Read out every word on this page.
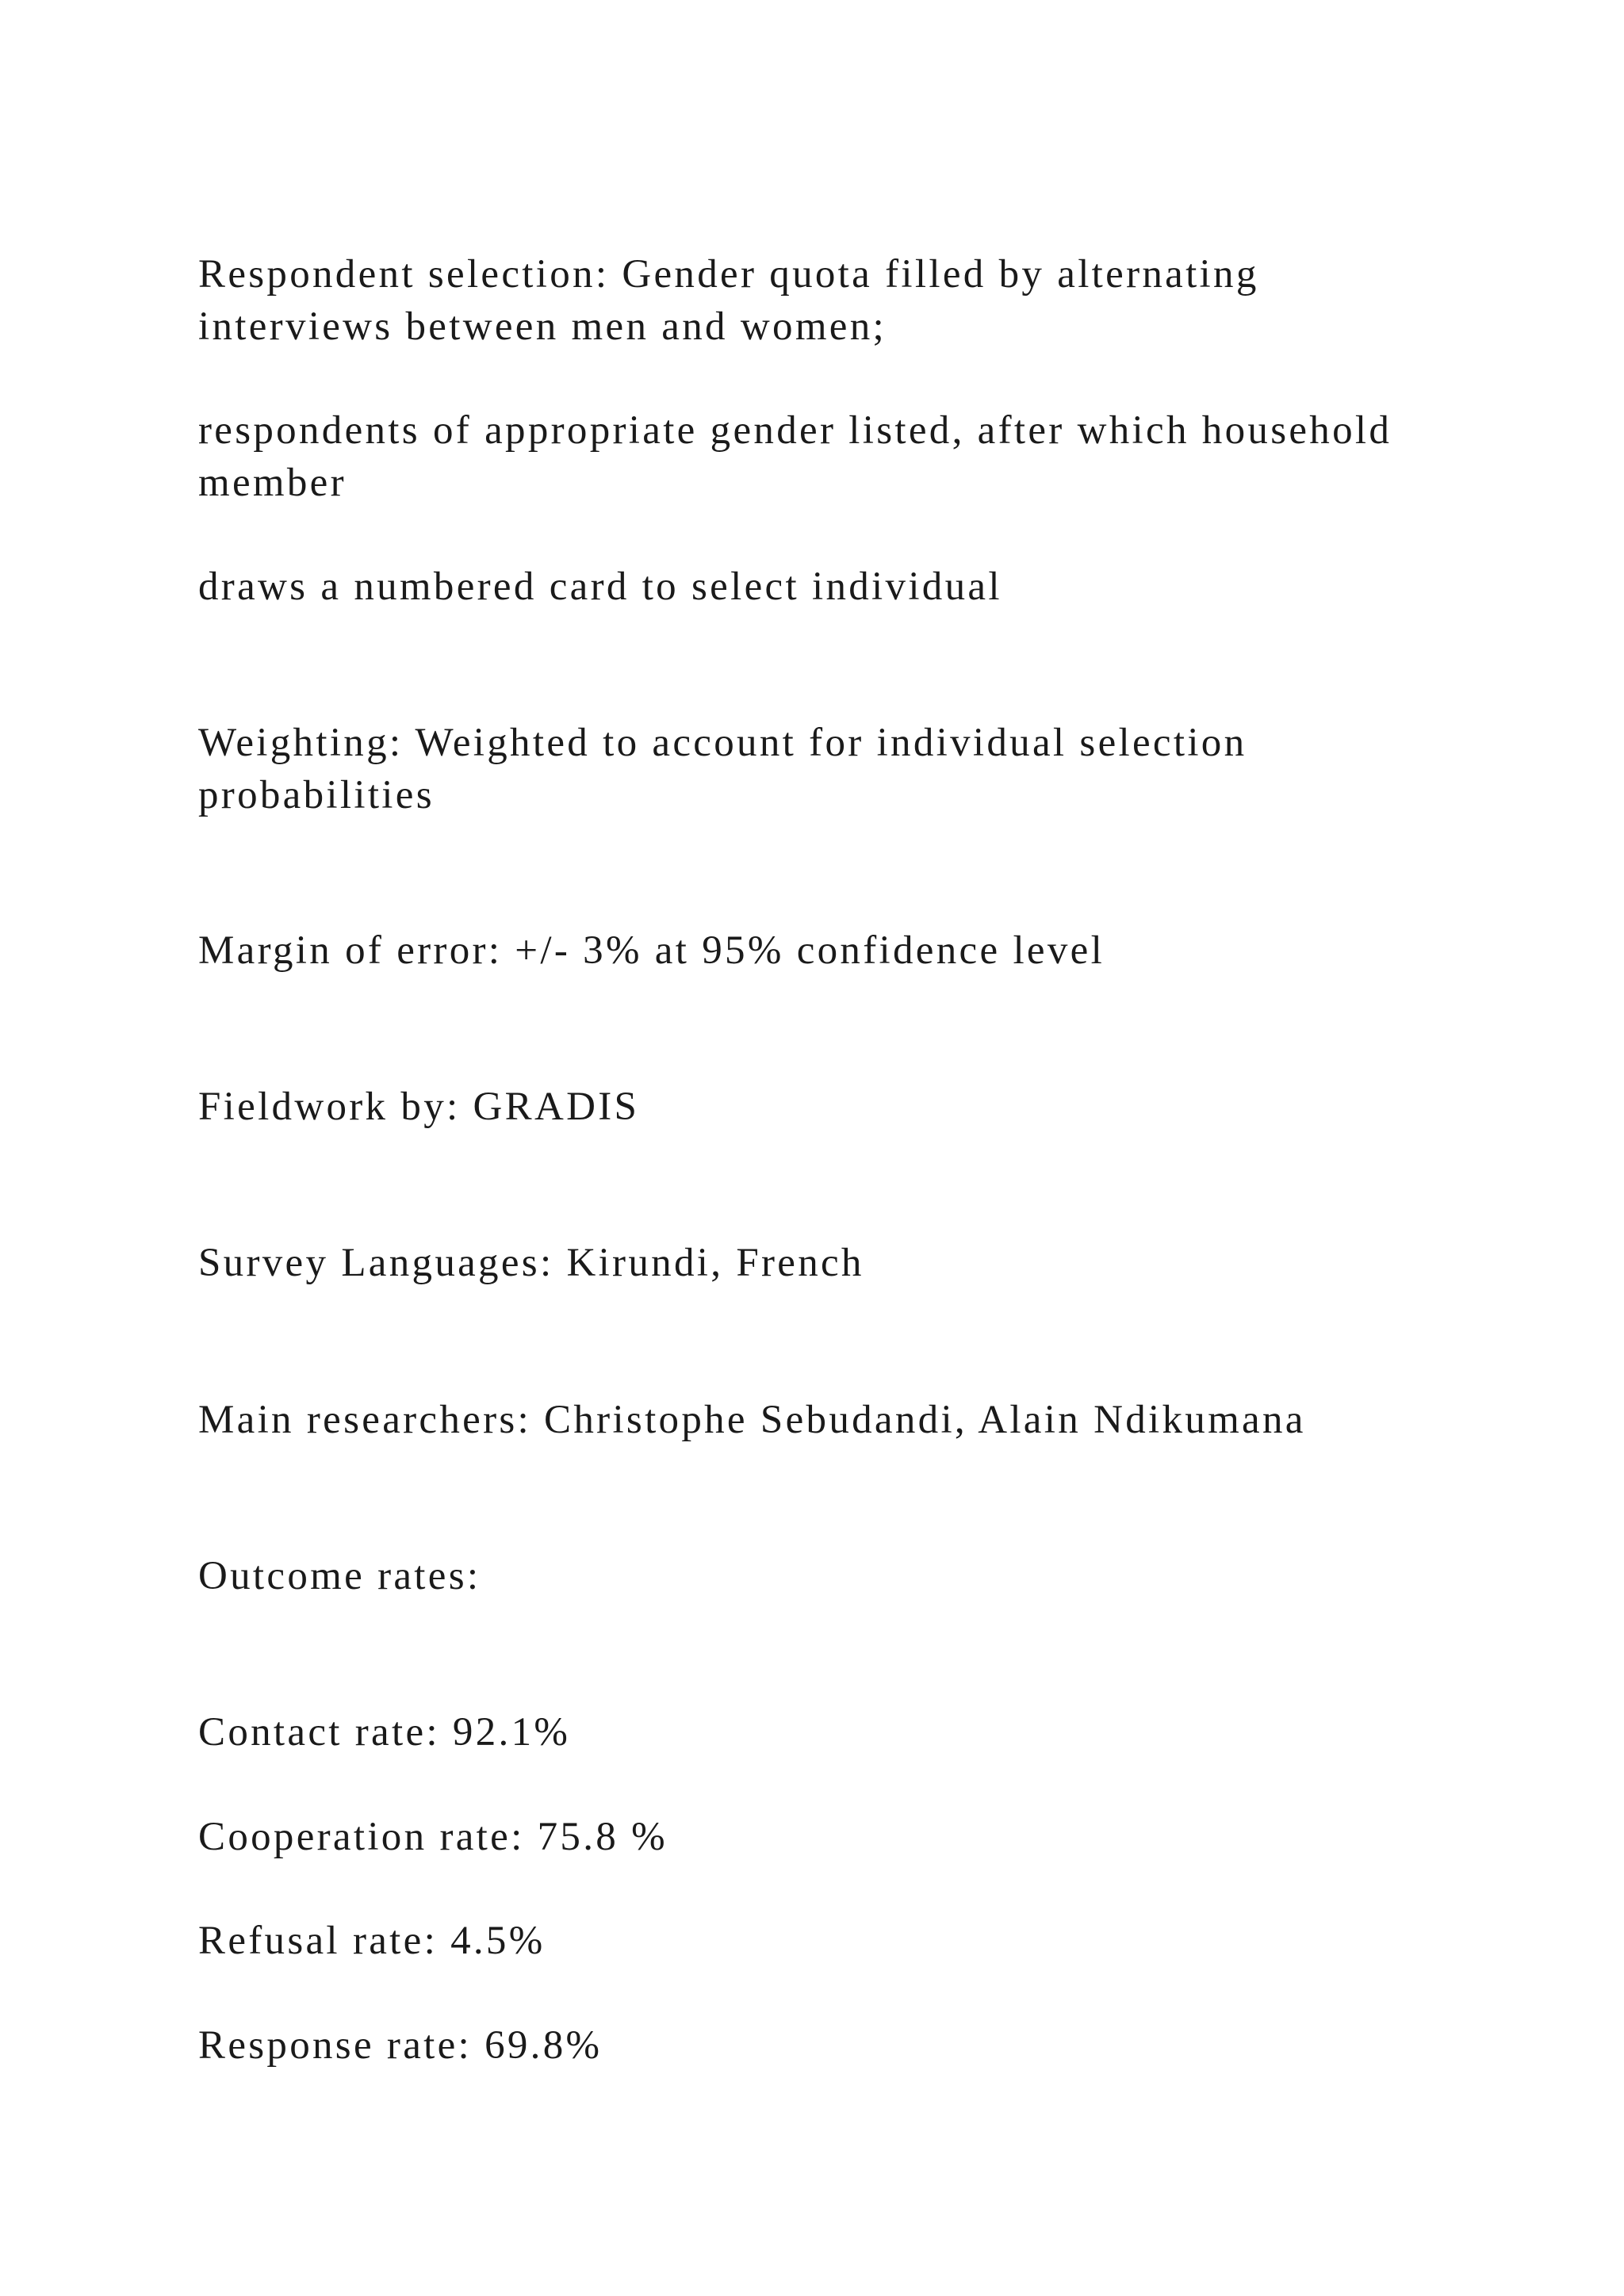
Respondent selection: Gender quota filled by alternating interviews between men and women;

respondents of appropriate gender listed, after which household member

draws a numbered card to select individual

Weighting: Weighted to account for individual selection probabilities

Margin of error: +/- 3% at 95% confidence level

Fieldwork by: GRADIS

Survey Languages: Kirundi, French

Main researchers: Christophe Sebudandi, Alain Ndikumana

Outcome rates:

Contact rate: 92.1%

Cooperation rate: 75.8 %

Refusal rate: 4.5%

Response rate: 69.8%
